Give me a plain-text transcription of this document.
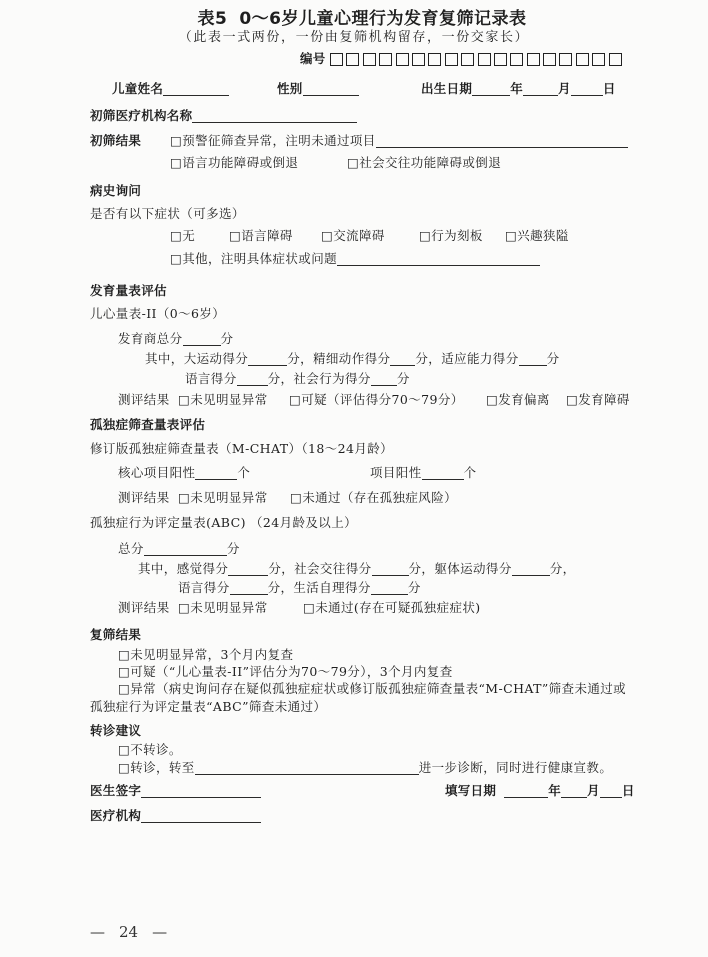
表5 0～6岁儿童心理行为发育复筛记录表
（此表一式两份，一份由复筛机构留存，一份交家长）
编号
儿童姓名	性别	出生日期	年	月	日
初筛医疗机构名称
初筛结果 □预警征筛查异常，注明未通过项目
□语言功能障碍或倒退	□社会交往功能障碍或倒退
病史询问
是否有以下症状（可多选）
□无	□语言障碍 □交流障碍	□行为刻板 □兴趣狭隘
□其他，注明具体症状或问题
发育量表评估
儿心量表-II（0～6岁）
发育商总分	分
其中，大运动得分	分，精细动作得分 分，适应能力得分 分
语言得分 分，社会行为得分 分
测评结果 □未见明显异常 □可疑（评估得分70～79分） □发育偏离 □发育障碍
孤独症筛查量表评估
修订版孤独症筛查量表（M-CHAT）（18～24月龄）
核心项目阳性	个	项目阳性	个
测评结果 □未见明显异常 □未通过（存在孤独症风险）
孤独症行为评定量表(ABC) （24月龄及以上）
总分	分
其中，感觉得分	分，社会交往得分	分，躯体运动得分	分，
语言得分	分，生活自理得分	分
测评结果 □未见明显异常	□未通过(存在可疑孤独症症状)
复筛结果
□未见明显异常，3个月内复查
□可疑（“儿心量表-II”评估分为70～79分），3个月内复查
□异常（病史询问存在疑似孤独症症状或修订版孤独症筛查量表“M-CHAT”筛查未通过或
孤独症行为评定量表“ABC”筛查未通过）
转诊建议
□不转诊。
□转诊，转至	进一步诊断，同时进行健康宣教。
医生签字	填写日期	年 月 日
医疗机构
— 24 —
